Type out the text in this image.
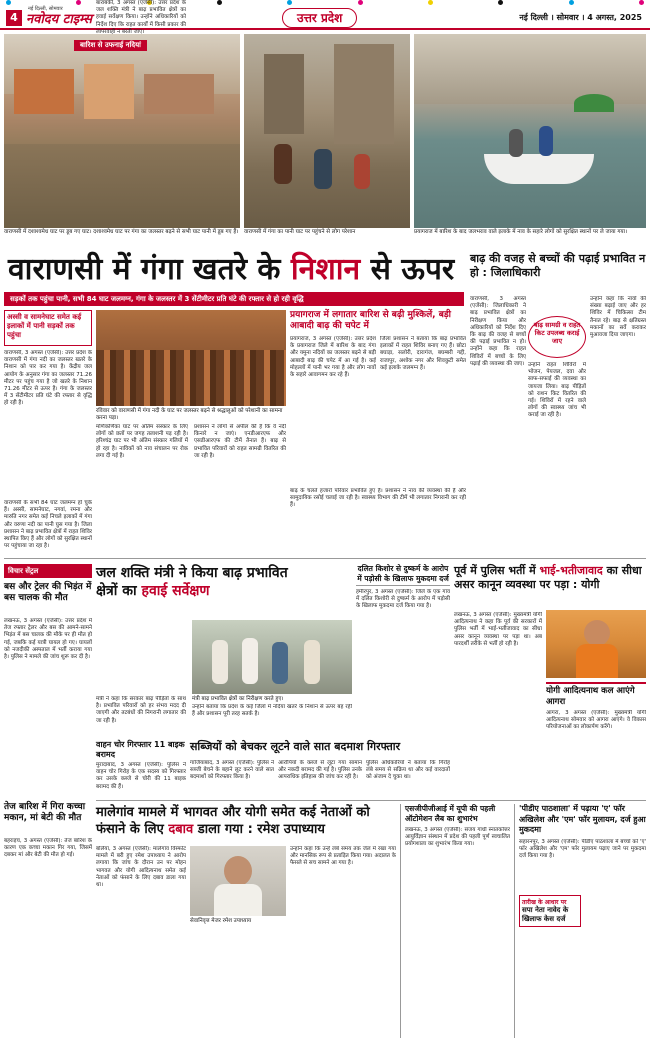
4
नई दिल्ली, सोमवार
नवोदय टाइम्स	उत्तर प्रदेश	नई दिल्ली । सोमवार । 4 अगस्त, 2025
बारिश से उफनाई नदियां
वाराणसी में दशाश्वमेध घाट पर डूब गए घाट। दशाश्वमेध घाट पर गंगा का जलस्तर बढ़ने से सभी घाट पानी में डूब गए हैं।	वाराणसी में गंगा का पानी घाट पर पहुंचने से लोग परेशान	प्रयागराज में बारिश के बाद जलभराव वाले इलाके में नाव के सहारे लोगों को सुरक्षित स्थानों पर ले जाया गया।
वाराणसी में गंगा खतरे के निशान से ऊपर
सड़कों तक पहुंचा पानी, सभी 84 घाट जलमग्न, गंगा के जलस्तर में 3 सेंटीमीटर प्रति घंटे की रफ्तार से हो रही वृद्धि
अस्सी व सामनेघाट समेत कई इलाकों में पानी सड़कों तक पहुंचा
वाराणसी, 3 अगस्त (एजेंसी): उत्तर प्रदेश के वाराणसी में गंगा नदी का जलस्तर खतरे के निशान को पार कर गया है। केंद्रीय जल आयोग के अनुसार गंगा का जलस्तर 71.26 मीटर पर पहुंच गया है जो खतरे के निशान 71.26 मीटर से ऊपर है। गंगा के जलस्तर में 3 सेंटीमीटर प्रति घंटे की रफ्तार से वृद्धि हो रही है।
वाराणसी के सभी 84 घाट जलमग्न हो चुके हैं। अस्सी, सामनेघाट, नगवां, रमना और मारुति नगर समेत कई निचले इलाकों में गंगा और वरुणा नदी का पानी घुस गया है। जिला प्रशासन ने बाढ़ प्रभावित क्षेत्रों में राहत शिविर स्थापित किए हैं और लोगों को सुरक्षित स्थानों पर पहुंचाया जा रहा है।
रविवार को वाराणसी में गंगा नदी के घाट पर जलस्तर बढ़ने से श्रद्धालुओं को परेशानी का सामना करना पड़ा।
मणिकर्णिका घाट पर अंतिम संस्कार के लिए लोगों को छतों पर जगह तलाशनी पड़ रही है। हरिश्चंद्र घाट पर भी अंतिम संस्कार गलियों में हो रहा है। नाविकों को नाव संचालन पर रोक लगा दी गई है।
प्रशासन ने लोगों से अपील की है कि वे नदी किनारे न जाएं। एनडीआरएफ और एसडीआरएफ की टीमें तैनात हैं। बाढ़ से प्रभावित परिवारों को राहत सामग्री वितरित की जा रही है।
प्रयागराज में लगातार बारिश से बढ़ी मुश्किलें, बड़ी आबादी बाढ़ की चपेट में
प्रयागराज, 3 अगस्त (एजेंसी): उत्तर प्रदेश के प्रयागराज जिले में बारिश के बाद गंगा और यमुना नदियों का जलस्तर बढ़ने से बड़ी आबादी बाढ़ की चपेट में आ गई है। कई मोहल्लों में पानी भर गया है और लोग नावों के सहारे आवागमन कर रहे हैं।
जिला प्रशासन ने बताया कि बाढ़ प्रभावित इलाकों में राहत शिविर बनाए गए हैं। छोटा बघाड़ा, सलोरी, दारागंज, बघम्बरी गद्दी, राजापुर, अशोक नगर और शिवकुटी समेत कई इलाके जलमग्न हैं।
बाढ़ के चलते हजारों परिवार प्रभावित हुए हैं। प्रशासन ने नाव की व्यवस्था की है और सामुदायिक रसोई चलाई जा रही है। स्वास्थ्य विभाग की टीमें भी लगातार निगरानी कर रही हैं।
बाढ़ की वजह से बच्चों की पढ़ाई प्रभावित न हो : जिलाधिकारी
वाराणसी, 3 अगस्त (एजेंसी): जिलाधिकारी ने बाढ़ प्रभावित क्षेत्रों का निरीक्षण किया और अधिकारियों को निर्देश दिए कि बाढ़ की वजह से बच्चों की पढ़ाई प्रभावित न हो। उन्होंने कहा कि राहत शिविरों में बच्चों के लिए पढ़ाई की व्यवस्था की जाए।
बाढ़ सामग्री व राहत किट उपलब्ध कराई जाए
उन्होंने राहत शिविरों में भोजन, पेयजल, दवा और साफ-सफाई की व्यवस्था का जायजा लिया। बाढ़ पीड़ितों को राशन किट वितरित की गई। शिविरों में रहने वाले लोगों की स्वास्थ्य जांच भी कराई जा रही है।
उन्होंने कहा कि नावों की संख्या बढ़ाई जाए और हर शिविर में चिकित्सा टीम तैनात रहे। बाढ़ से क्षतिग्रस्त मकानों का सर्वे कराकर मुआवजा दिया जाएगा।
विचार सेंट्रल
बस और ट्रेलर की भिड़ंत में बस चालक की मौत
लखनऊ, 3 अगस्त (एजेंसी): उत्तर प्रदेश में तेज रफ्तार ट्रेलर और बस की आमने-सामने भिड़ंत में बस चालक की मौके पर ही मौत हो गई, जबकि कई यात्री घायल हो गए। घायलों को नजदीकी अस्पताल में भर्ती कराया गया है। पुलिस ने मामले की जांच शुरू कर दी है।
जल शक्ति मंत्री ने किया बाढ़ प्रभावित क्षेत्रों का हवाई सर्वेक्षण
बाराबंकी, 3 अगस्त (एजेंसी): उत्तर प्रदेश के जल शक्ति मंत्री ने बाढ़ प्रभावित क्षेत्रों का हवाई सर्वेक्षण किया। उन्होंने अधिकारियों को निर्देश दिए कि राहत कार्यों में किसी प्रकार की लापरवाही न बरती जाए।
मंत्री बाढ़ प्रभावित क्षेत्रों का निरीक्षण करते हुए।
मंत्री ने कहा कि सरकार बाढ़ पीड़ितों के साथ है। प्रभावित परिवारों को हर संभव मदद दी जाएगी और तटबंधों की निगरानी लगातार की जा रही है।
उन्होंने बताया कि प्रदेश के कई जिलों में नदियां खतरे के निशान से ऊपर बह रही हैं और प्रशासन पूरी तरह सतर्क है।
वाहन चोर गिरफ्तार 11 बाइक बरामद
मुरादाबाद, 3 अगस्त (एजेंसी): पुलिस ने वाहन चोर गिरोह के एक सदस्य को गिरफ्तार कर उसके कब्जे से चोरी की 11 बाइक बरामद की हैं।
सब्जियों को बेचकर लूटने वाले सात बदमाश गिरफ्तार
गाजियाबाद, 3 अगस्त (एजेंसी): पुलिस ने सब्जी बेचने के बहाने लूट करने वाले सात बदमाशों को गिरफ्तार किया है।
आरोपियों के कब्जे से लूटा गया सामान और नकदी बरामद की गई है। पुलिस उनके आपराधिक इतिहास की जांच कर रही है।
पुलिस अधिकारियों ने बताया कि गिरोह लंबे समय से सक्रिय था और कई वारदातों को अंजाम दे चुका था।
तेज बारिश में गिरा कच्चा मकान, मां बेटी की मौत
बहराइच, 3 अगस्त (एजेंसी): तेज बारिश के कारण एक कच्चा मकान गिर गया, जिसमें दबकर मां और बेटी की मौत हो गई।
दलित किशोर से दुष्कर्म के आरोप में पड़ोसी के खिलाफ मुकदमा दर्ज
हमीरपुर, 3 अगस्त (एजेंसी): जिले के एक गांव में दलित किशोरी से दुष्कर्म के आरोप में पड़ोसी के खिलाफ मुकदमा दर्ज किया गया है।
पूर्व में पुलिस भर्ती में भाई-भतीजावाद का सीधा असर कानून व्यवस्था पर पड़ा : योगी
लखनऊ, 3 अगस्त (एजेंसी): मुख्यमंत्री योगी आदित्यनाथ ने कहा कि पूर्व की सरकारों में पुलिस भर्ती में भाई-भतीजावाद का सीधा असर कानून व्यवस्था पर पड़ा था। अब पारदर्शी तरीके से भर्ती हो रही है।
योगी आदित्यनाथ कल आएंगे आगरा
आगरा, 3 अगस्त (एजेंसी): मुख्यमंत्री योगी आदित्यनाथ सोमवार को आगरा आएंगे। वे विकास परियोजनाओं का लोकार्पण करेंगे।
मालेगांव मामले में भागवत और योगी समेत कई नेताओं को फंसाने के लिए दबाव डाला गया : रमेश उपाध्याय
बलिया, 3 अगस्त (एजेंसी): मालेगांव विस्फोट मामले में बरी हुए रमेश उपाध्याय ने आरोप लगाया कि जांच के दौरान उन पर मोहन भागवत और योगी आदित्यनाथ समेत कई नेताओं को फंसाने के लिए दबाव डाला गया था।
सेवानिवृत्त मेजर रमेश उपाध्याय
उन्होंने कहा कि उन्हें लंबे समय तक जेल में रखा गया और मानसिक रूप से प्रताड़ित किया गया। अदालत के फैसले से सच सामने आ गया है।
एसजीपीजीआई में यूपी की पहली ऑटोमेशन लैब का शुभारंभ
लखनऊ, 3 अगस्त (एजेंसी): संजय गांधी स्नातकोत्तर आयुर्विज्ञान संस्थान में प्रदेश की पहली पूर्ण स्वचालित प्रयोगशाला का शुभारंभ किया गया।
'पीडीए पाठशाला' में पढ़ाया 'ए' फॉर अखिलेश और 'एम' फॉर मुलायम, दर्ज हुआ मुकदमा
सहारनपुर, 3 अगस्त (एजेंसी): पीडीए पाठशाला में बच्चों को 'ए' फॉर अखिलेश और 'एम' फॉर मुलायम पढ़ाए जाने पर मुकदमा दर्ज किया गया है।
तारीख के आधार पर
सपा नेता नावेद के खिलाफ केस दर्ज
